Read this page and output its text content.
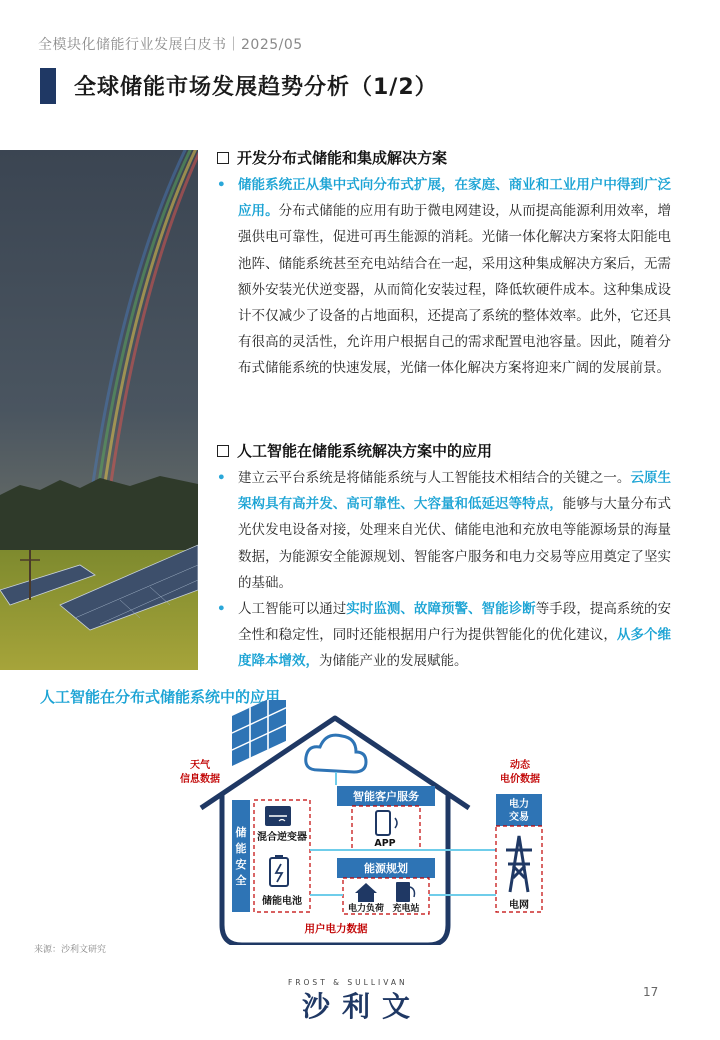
全模块化储能行业发展白皮书｜2025/05
全球储能市场发展趋势分析（1/2）
开发分布式储能和集成解决方案
• 储能系统正从集中式向分布式扩展，在家庭、商业和工业用户中得到广泛应用。分布式储能的应用有助于微电网建设，从而提高能源利用效率，增强供电可靠性，促进可再生能源的消耗。光储一体化解决方案将太阳能电池阵、储能系统甚至充电站结合在一起，采用这种集成解决方案后，无需额外安装光伏逆变器，从而简化安装过程，降低软硬件成本。这种集成设计不仅减少了设备的占地面积，还提高了系统的整体效率。此外，它还具有很高的灵活性，允许用户根据自己的需求配置电池容量。因此，随着分布式储能系统的快速发展，光储一体化解决方案将迎来广阔的发展前景。
人工智能在储能系统解决方案中的应用
• 建立云平台系统是将储能系统与人工智能技术相结合的关键之一。云原生架构具有高并发、高可靠性、大容量和低延迟等特点，能够与大量分布式光伏发电设备对接，处理来自光伏、储能电池和充放电等能源场景的海量数据，为能源安全能源规划、智能客户服务和电力交易等应用奠定了坚实的基础。
• 人工智能可以通过实时监测、故障预警、智能诊断等手段，提高系统的安全性和稳定性，同时还能根据用户行为提供智能化的优化建议，从多个维度降本增效，为储能产业的发展赋能。
人工智能在分布式储能系统中的应用
储
能
安
全
混合逆变器
储能电池
智能客户服务
APP
能源规划
电力负荷 充电站
电力
交易
电网
天气
信息数据
动态
电价数据
用户电力数据
来源：沙利文研究
FROST & SULLIVAN
沙利文	17
